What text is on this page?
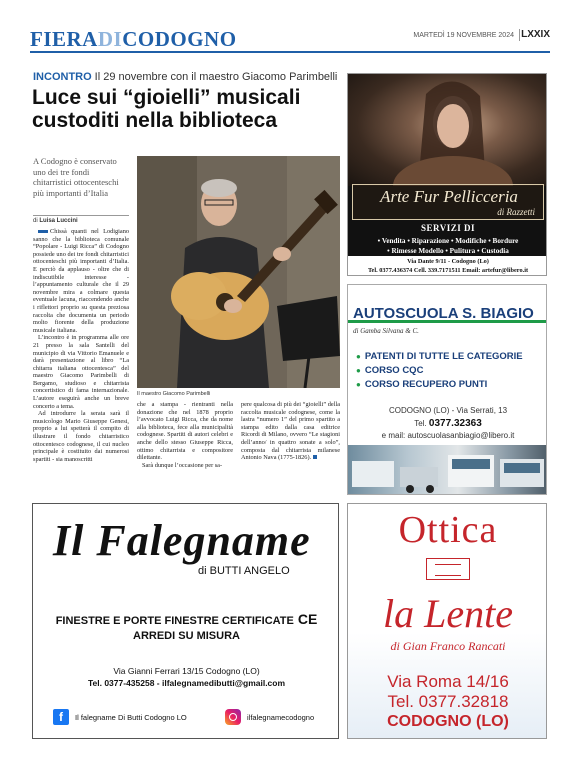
FIERADICODOGNO	MARTEDÌ 19 NOVEMBRE 2024 LXXIX
INCONTRO Il 29 novembre con il maestro Giacomo Parimbelli
Luce sui “gioielli” musicali custoditi nella biblioteca
A Codogno è conservato uno dei tre fondi chitarristici ottocenteschi più importanti d’Italia
di Luisa Luccini
Il maestro Giacomo Parimbelli

Chissà quanti nel Lodigiano sanno che la biblioteca comunale “Popolare - Luigi Ricca” di Codogno possiede uno dei tre fondi chitarristici ottocenteschi più importanti d’Italia. E perciò da applauso - oltre che di indiscutibile interesse - l’appuntamento culturale che il 29 novembre mira a colmare questa eventuale lacuna, riaccendendo anche i riflettori proprio su questa preziosa raccolta che documenta un periodo molto fiorente della produzione musicale italiana.

L’incontro è in programma alle ore 21 presso la sala Santelli del municipio di via Vittorio Emanuele e darà presentazione al libro “La chitarra italiana ottocentesca” del maestro Giacomo Parimbelli di Bergamo, studioso e chitarrista concertistico di fama internazionale. L’autore eseguirà anche un breve concerto a tema.

Ad introdurre la serata sarà il musicologo Mario Giuseppe Genesi, proprio a lui spetterà il compito di illustrare il fondo chitarristico ottocentesco codognese, il cui nucleo principale è costituito dai numerosi spartiti - sia manoscritti

che a stampa - rientranti nella donazione che nel 1878 proprio l’avvocato Luigi Ricca, che da nome alla biblioteca, fece alla municipalità codognese. Spartiti di autori celebri e anche dello stesso Giuseppe Ricca, ottimo chitarrista e compositore dilettante.

Sarà dunque l’occasione per sa-

pere qualcosa di più dei “gioielli” della raccolta musicale codognese, come la lastra “numero 1” del primo spartito a stampa edito dalla casa editrice Ricordi di Milano, ovvero “Le stagioni dell’anno/ in quattro sonate a solo”, composta dal chitarrista milanese Antonio Nava (1775-1826).

Arte Fur Pellicceria
di Razzetti
SERVIZI DI
• Vendita • Riparazione • Modifiche • Bordure
• Rimesse Modello • Pulitura • Custodia
Via Dante 9/11 - Codogno (Lo)
Tel. 0377.436374 Cell. 339.7171511 Email: artefur@libero.it
AUTOSCUOLA S. BIAGIO
di Gamba Silvana & C.
● PATENTI DI TUTTE LE CATEGORIE
● CORSO CQC
● CORSO RECUPERO PUNTI
CODOGNO (LO) - Via Serrati, 13
Tel. 0377.32363
e mail: autoscuolasanbiagio@libero.it
Il Falegname
di BUTTI ANGELO
FINESTRE E PORTE FINESTRE CERTIFICATE CE
ARREDI SU MISURA
Via Gianni Ferrari 13/15 Codogno (LO)
Tel. 0377-435258 - ilfalegnamedibutti@gmail.com
f	Il falegname Di Butti Codogno LO	ilfalegnamecodogno
Ottica
la Lente
di Gian Franco Rancati
Via Roma 14/16
Tel. 0377.32818
CODOGNO (LO)
